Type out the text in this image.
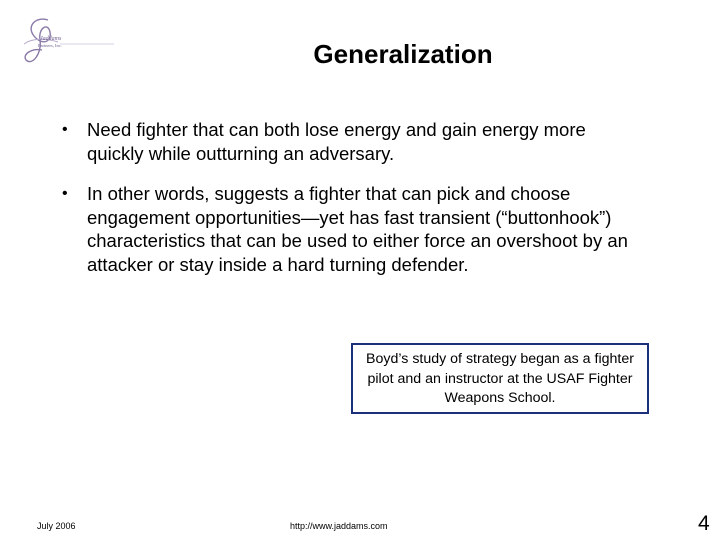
Jaddams
Partners, Inc.	Generalization
• Need fighter that can both lose energy and gain energy more quickly while outturning an adversary.
• In other words, suggests a fighter that can pick and choose engagement opportunities—yet has fast transient (“buttonhook”) characteristics that can be used to either force an overshoot by an attacker or stay inside a hard turning defender.
Boyd’s study of strategy began as a fighter pilot and an instructor at the USAF Fighter Weapons School.
July 2006	http://www.jaddams.com	4
